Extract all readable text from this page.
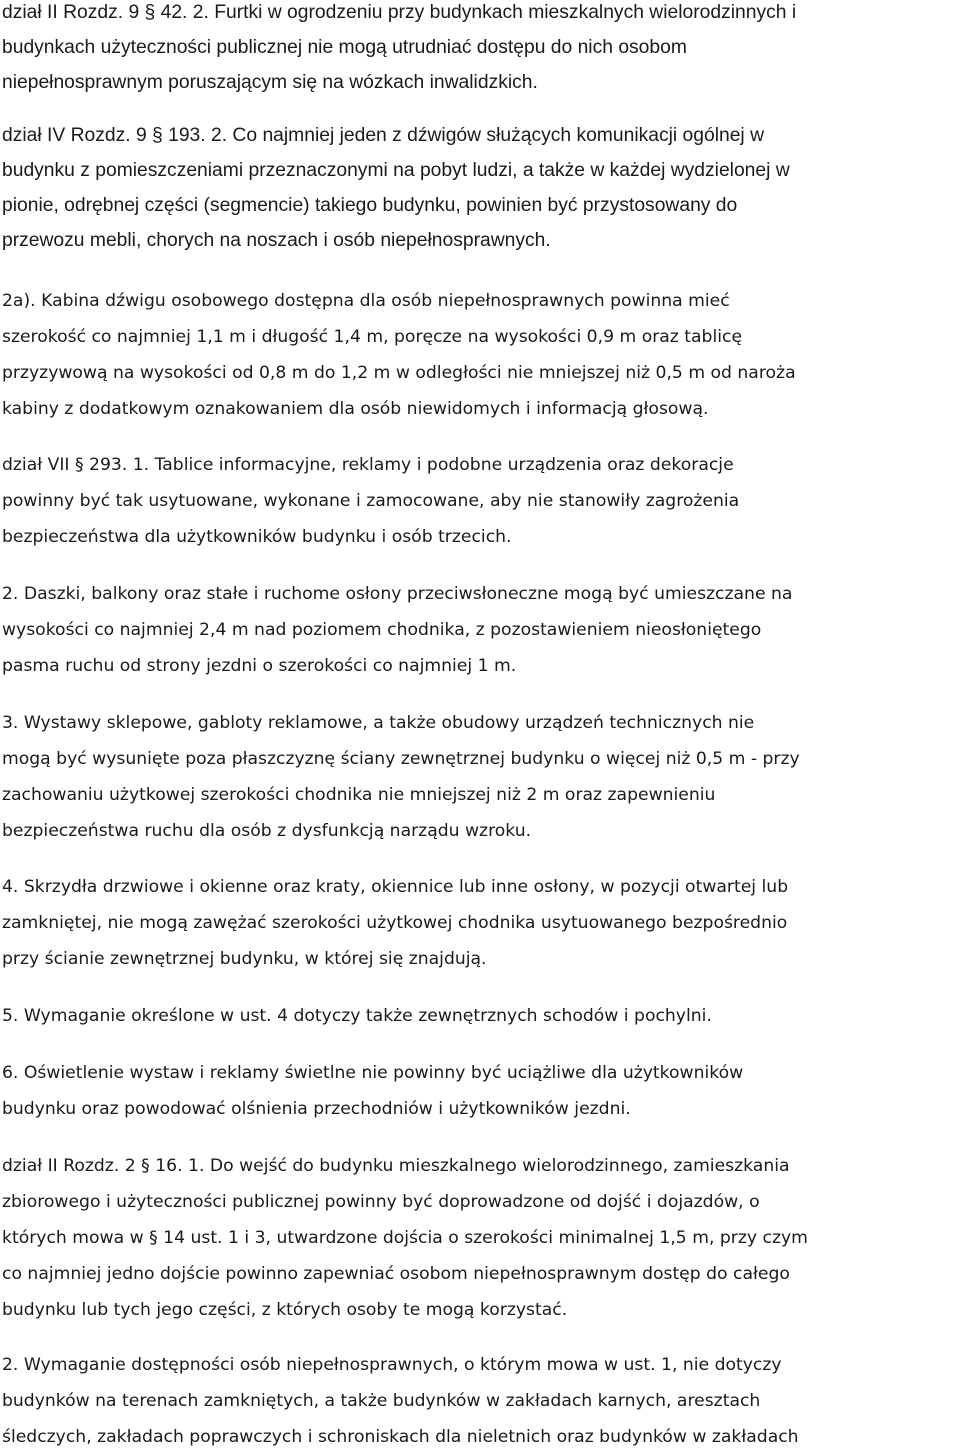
dział II Rozdz. 9 § 42. 2. Furtki w ogrodzeniu przy budynkach mieszkalnych wielorodzinnych i
budynkach użyteczności publicznej nie mogą utrudniać dostępu do nich osobom
niepełnosprawnym poruszającym się na wózkach inwalidzkich.

dział IV Rozdz. 9 § 193. 2. Co najmniej jeden z dźwigów służących komunikacji ogólnej w
budynku z pomieszczeniami przeznaczonymi na pobyt ludzi, a także w każdej wydzielonej w
pionie, odrębnej części (segmencie) takiego budynku, powinien być przystosowany do
przewozu mebli, chorych na noszach i osób niepełnosprawnych.

2a). Kabina dźwigu osobowego dostępna dla osób niepełnosprawnych powinna mieć
szerokość co najmniej 1,1 m i długość 1,4 m, poręcze na wysokości 0,9 m oraz tablicę
przyzywową na wysokości od 0,8 m do 1,2 m w odległości nie mniejszej niż 0,5 m od naroża
kabiny z dodatkowym oznakowaniem dla osób niewidomych i informacją głosową.

dział VII § 293. 1. Tablice informacyjne, reklamy i podobne urządzenia oraz dekoracje
powinny być tak usytuowane, wykonane i zamocowane, aby nie stanowiły zagrożenia
bezpieczeństwa dla użytkowników budynku i osób trzecich.

2. Daszki, balkony oraz stałe i ruchome osłony przeciwsłoneczne mogą być umieszczane na
wysokości co najmniej 2,4 m nad poziomem chodnika, z pozostawieniem nieosłoniętego
pasma ruchu od strony jezdni o szerokości co najmniej 1 m.

3. Wystawy sklepowe, gabloty reklamowe, a także obudowy urządzeń technicznych nie
mogą być wysunięte poza płaszczyznę ściany zewnętrznej budynku o więcej niż 0,5 m - przy
zachowaniu użytkowej szerokości chodnika nie mniejszej niż 2 m oraz zapewnieniu
bezpieczeństwa ruchu dla osób z dysfunkcją narządu wzroku.

4. Skrzydła drzwiowe i okienne oraz kraty, okiennice lub inne osłony, w pozycji otwartej lub
zamkniętej, nie mogą zawężać szerokości użytkowej chodnika usytuowanego bezpośrednio
przy ścianie zewnętrznej budynku, w której się znajdują.

5. Wymaganie określone w ust. 4 dotyczy także zewnętrznych schodów i pochylni.

6. Oświetlenie wystaw i reklamy świetlne nie powinny być uciążliwe dla użytkowników
budynku oraz powodować olśnienia przechodniów i użytkowników jezdni.

dział II Rozdz. 2 § 16. 1. Do wejść do budynku mieszkalnego wielorodzinnego, zamieszkania
zbiorowego i użyteczności publicznej powinny być doprowadzone od dojść i dojazdów, o
których mowa w § 14 ust. 1 i 3, utwardzone dojścia o szerokości minimalnej 1,5 m, przy czym
co najmniej jedno dojście powinno zapewniać osobom niepełnosprawnym dostęp do całego
budynku lub tych jego części, z których osoby te mogą korzystać.

2. Wymaganie dostępności osób niepełnosprawnych, o którym mowa w ust. 1, nie dotyczy
budynków na terenach zamkniętych, a także budynków w zakładach karnych, aresztach
śledczych, zakładach poprawczych i schroniskach dla nieletnich oraz budynków w zakładach
